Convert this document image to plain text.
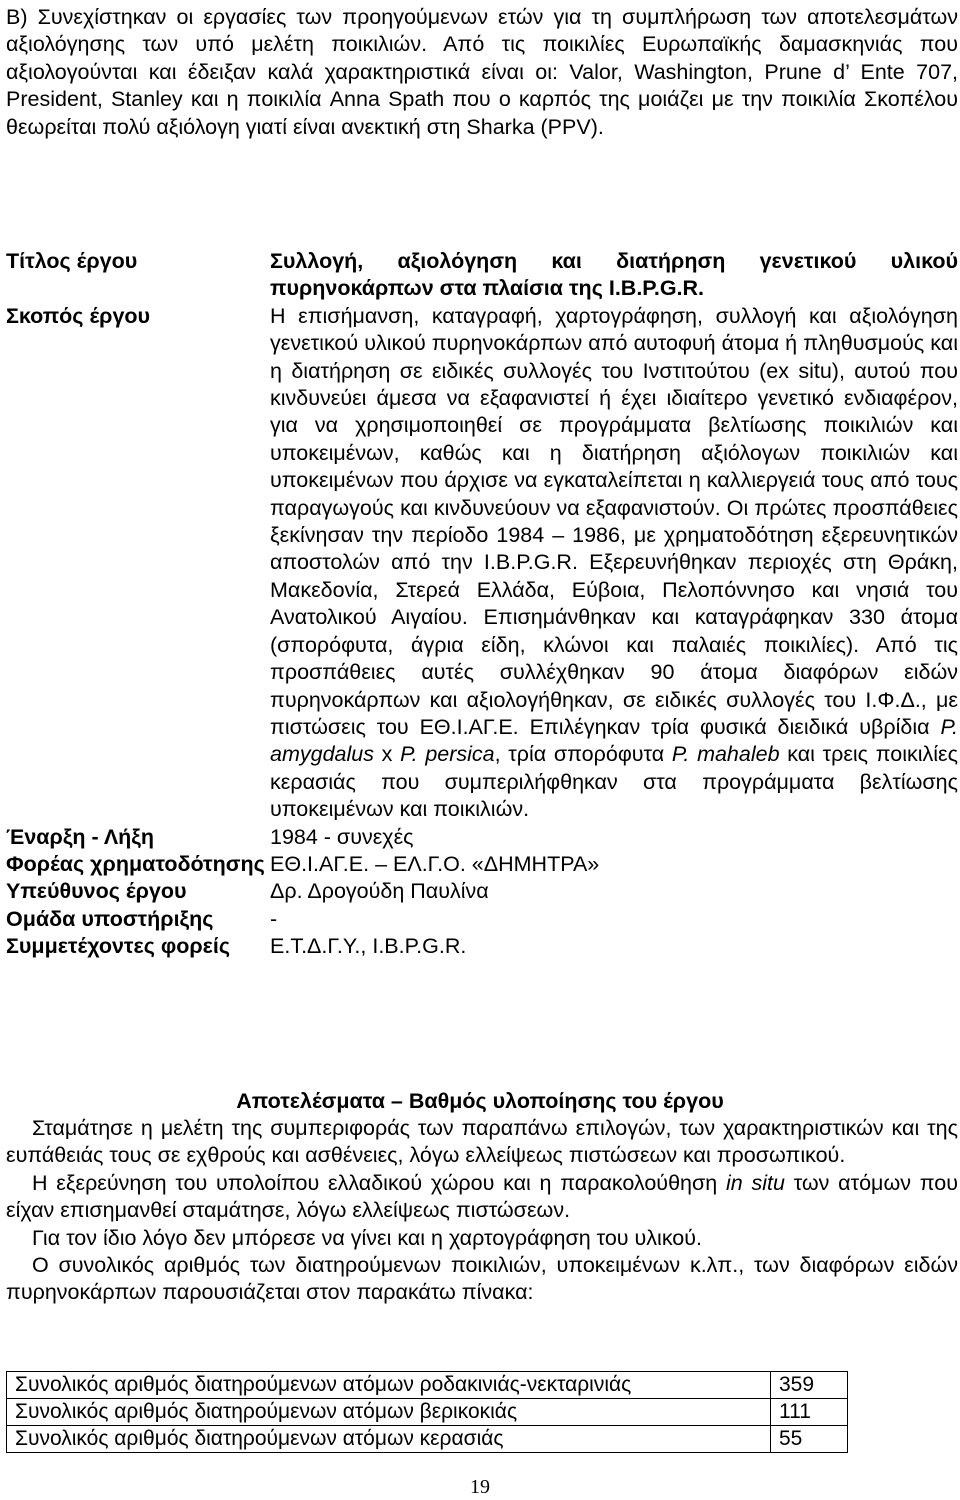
Β) Συνεχίστηκαν οι εργασίες των προηγούμενων ετών για τη συμπλήρωση των αποτελεσμάτων αξιολόγησης των υπό μελέτη ποικιλιών. Από τις ποικιλίες Ευρωπαϊκής δαμασκηνιάς που αξιολογούνται και έδειξαν καλά χαρακτηριστικά είναι οι: Valor, Washington, Prune d’ Ente 707, President, Stanley και η ποικιλία Anna Spath που ο καρπός της μοιάζει με την ποικιλία Σκοπέλου θεωρείται πολύ αξιόλογη γιατί είναι ανεκτική στη Sharka (PPV).

Τίτλος έργου	Συλλογή, αξιολόγηση και διατήρηση γενετικού υλικού πυρηνοκάρπων στα πλαίσια της Ι.Β.P.G.R.
Σκοπός έργου	Η επισήμανση, καταγραφή, χαρτογράφηση, συλλογή και αξιολόγηση γενετικού υλικού πυρηνοκάρπων από αυτοφυή άτομα ή πληθυσμούς και η διατήρηση σε ειδικές συλλογές του Ινστιτούτου (ex situ), αυτού που κινδυνεύει άμεσα να εξαφανιστεί ή έχει ιδιαίτερο γενετικό ενδιαφέρον, για να χρησιμοποιηθεί σε προγράμματα βελτίωσης ποικιλιών και υποκειμένων, καθώς και η διατήρηση αξιόλογων ποικιλιών και υποκειμένων που άρχισε να εγκαταλείπεται η καλλιεργειά τους από τους παραγωγούς και κινδυνεύουν να εξαφανιστούν. Οι πρώτες προσπάθειες ξεκίνησαν την περίοδο 1984 – 1986, με χρηματοδότηση εξερευνητικών αποστολών από την Ι.Β.P.G.R. Εξερευνήθηκαν περιοχές στη Θράκη, Μακεδονία, Στερεά Ελλάδα, Εύβοια, Πελοπόννησο και νησιά του Ανατολικού Αιγαίου. Επισημάνθηκαν και καταγράφηκαν 330 άτομα (σπορόφυτα, άγρια είδη, κλώνοι και παλαιές ποικιλίες). Από τις προσπάθειες αυτές συλλέχθηκαν 90 άτομα διαφόρων ειδών πυρηνοκάρπων και αξιολογήθηκαν, σε ειδικές συλλογές του Ι.Φ.Δ., με πιστώσεις του ΕΘ.Ι.ΑΓ.Ε. Επιλέγηκαν τρία φυσικά διειδικά υβρίδια P. amygdalus x P. persica, τρία σπορόφυτα P. mahaleb και τρεις ποικιλίες κερασιάς που συμπεριλήφθηκαν στα προγράμματα βελτίωσης υποκειμένων και ποικιλιών.
Έναρξη - Λήξη	1984 - συνεχές
Φορέας χρηματοδότησης ΕΘ.Ι.ΑΓ.Ε. – ΕΛ.Γ.Ο. «ΔΗΜΗΤΡΑ»
Υπεύθυνος έργου	Δρ. Δρογούδη Παυλίνα
Ομάδα υποστήριξης	-
Συμμετέχοντες φορείς	Ε.Τ.Δ.Γ.Υ., I.B.P.G.R.

Σταμάτησε η μελέτη της συμπεριφοράς των παραπάνω επιλογών, των χαρακτηριστικών και της ευπάθειάς τους σε εχθρούς και ασθένειες, λόγω ελλείψεως πιστώσεων και προσωπικού.

Η εξερεύνηση του υπολοίπου ελλαδικού χώρου και η παρακολούθηση in situ των ατόμων που είχαν επισημανθεί σταμάτησε, λόγω ελλείψεως πιστώσεων.

Για τον ίδιο λόγο δεν μπόρεσε να γίνει και η χαρτογράφηση του υλικού.

Ο συνολικός αριθμός των διατηρούμενων ποικιλιών, υποκειμένων κ.λπ., των διαφόρων ειδών πυρηνοκάρπων παρουσιάζεται στον παρακάτω πίνακα:

Συνολικός αριθμός διατηρούμενων ατόμων ροδακινιάς-νεκταρινιάς	359
Συνολικός αριθμός διατηρούμενων ατόμων βερικοκιάς	111
Συνολικός αριθμός διατηρούμενων ατόμων κερασιάς	55
Αποτελέσματα – Βαθμός υλοποίησης του έργου
19
